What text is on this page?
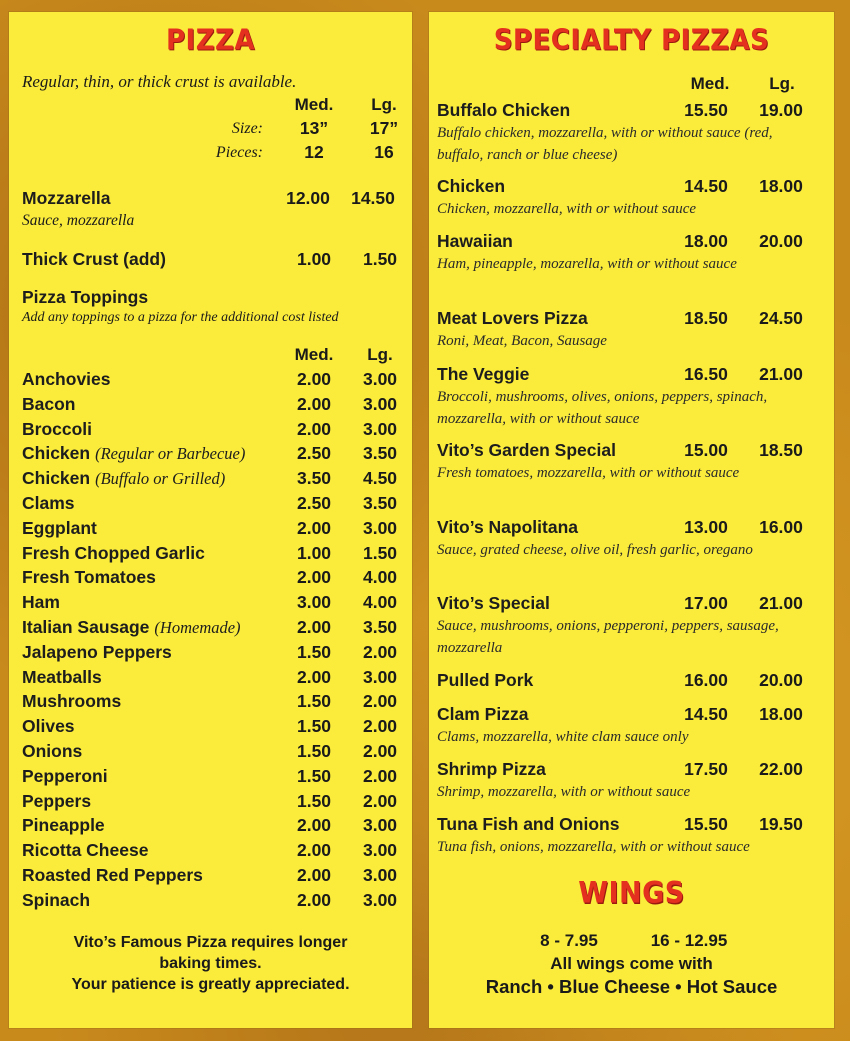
PIZZA
Regular, thin, or thick crust is available.
Med.	Lg.
Size:	13”	17”
Pieces:	12	16
Mozzarella	12.00	14.50
Sauce, mozzarella
Thick Crust (add)	1.00	1.50
Pizza Toppings
Add any toppings to a pizza for the additional cost listed
Med.	Lg.
Anchovies	2.00	3.00
Bacon	2.00	3.00
Broccoli	2.00	3.00
Chicken (Regular or Barbecue)	2.50	3.50
Chicken (Buffalo or Grilled)	3.50	4.50
Clams	2.50	3.50
Eggplant	2.00	3.00
Fresh Chopped Garlic	1.00	1.50
Fresh Tomatoes	2.00	4.00
Ham	3.00	4.00
Italian Sausage (Homemade)	2.00	3.50
Jalapeno Peppers	1.50	2.00
Meatballs	2.00	3.00
Mushrooms	1.50	2.00
Olives	1.50	2.00
Onions	1.50	2.00
Pepperoni	1.50	2.00
Peppers	1.50	2.00
Pineapple	2.00	3.00
Ricotta Cheese	2.00	3.00
Roasted Red Peppers	2.00	3.00
Spinach	2.00	3.00
Vito’s Famous Pizza requires longer
baking times.
Your patience is greatly appreciated.
SPECIALTY PIZZAS
Med.	Lg.
Buffalo Chicken	15.50	19.00
Buffalo chicken, mozzarella, with or without sauce (red, buffalo, ranch or blue cheese)
Chicken	14.50	18.00
Chicken, mozzarella, with or without sauce
Hawaiian	18.00	20.00
Ham, pineapple, mozarella, with or without sauce
Meat Lovers Pizza	18.50	24.50
Roni, Meat, Bacon, Sausage
The Veggie	16.50	21.00
Broccoli, mushrooms, olives, onions, peppers, spinach, mozzarella, with or without sauce
Vito’s Garden Special	15.00	18.50
Fresh tomatoes, mozzarella, with or without sauce
Vito’s Napolitana	13.00	16.00
Sauce, grated cheese, olive oil, fresh garlic, oregano
Vito’s Special	17.00	21.00
Sauce, mushrooms, onions, pepperoni, peppers, sausage, mozzarella
Pulled Pork	16.00	20.00
Clam Pizza	14.50	18.00
Clams, mozzarella, white clam sauce only
Shrimp Pizza	17.50	22.00
Shrimp, mozzarella, with or without sauce
Tuna Fish and Onions	15.50	19.50
Tuna fish, onions, mozzarella, with or without sauce
WINGS
8 - 7.95	16 - 12.95
All wings come with
Ranch • Blue Cheese • Hot Sauce
